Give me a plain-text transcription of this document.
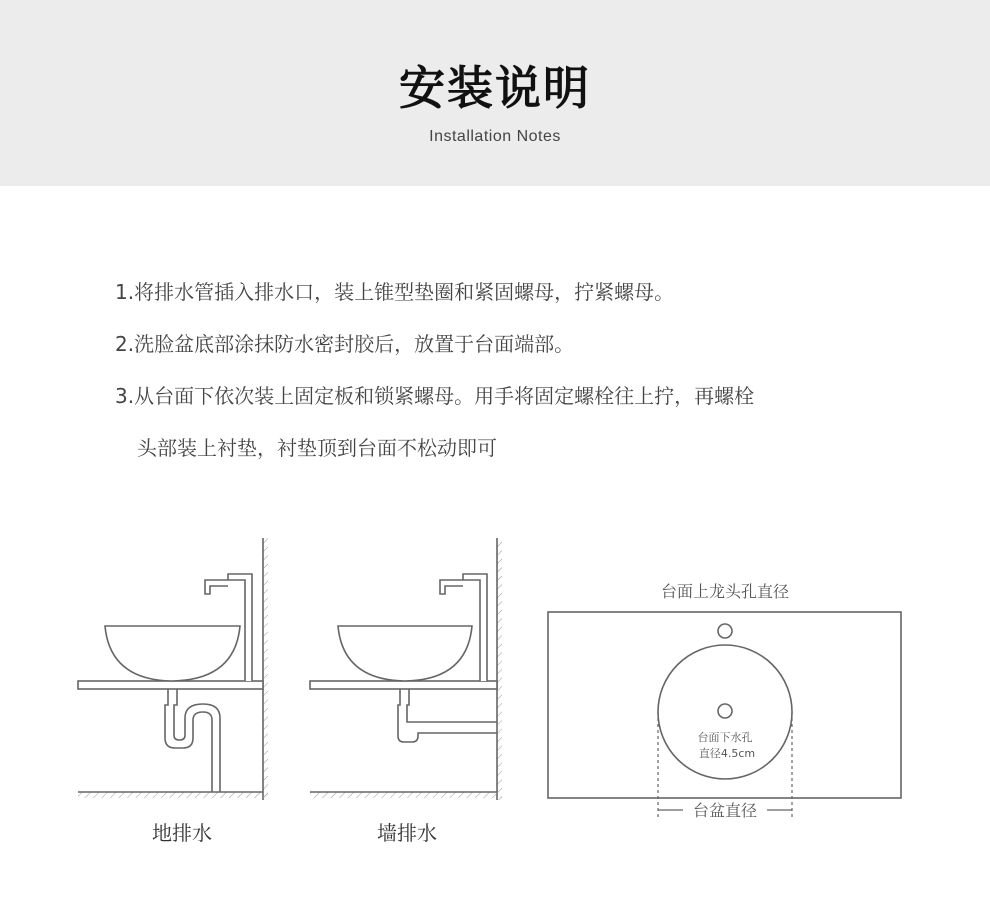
安装说明
Installation Notes
1.将排水管插入排水口，装上锥型垫圈和紧固螺母，拧紧螺母。
2.洗脸盆底部涂抹防水密封胶后，放置于台面端部。
3.从台面下依次装上固定板和锁紧螺母。用手将固定螺栓往上拧，再螺栓
头部装上衬垫，衬垫顶到台面不松动即可
地排水	墙排水
台面上龙头孔直径
台面下水孔
直径4.5cm
台盆直径
